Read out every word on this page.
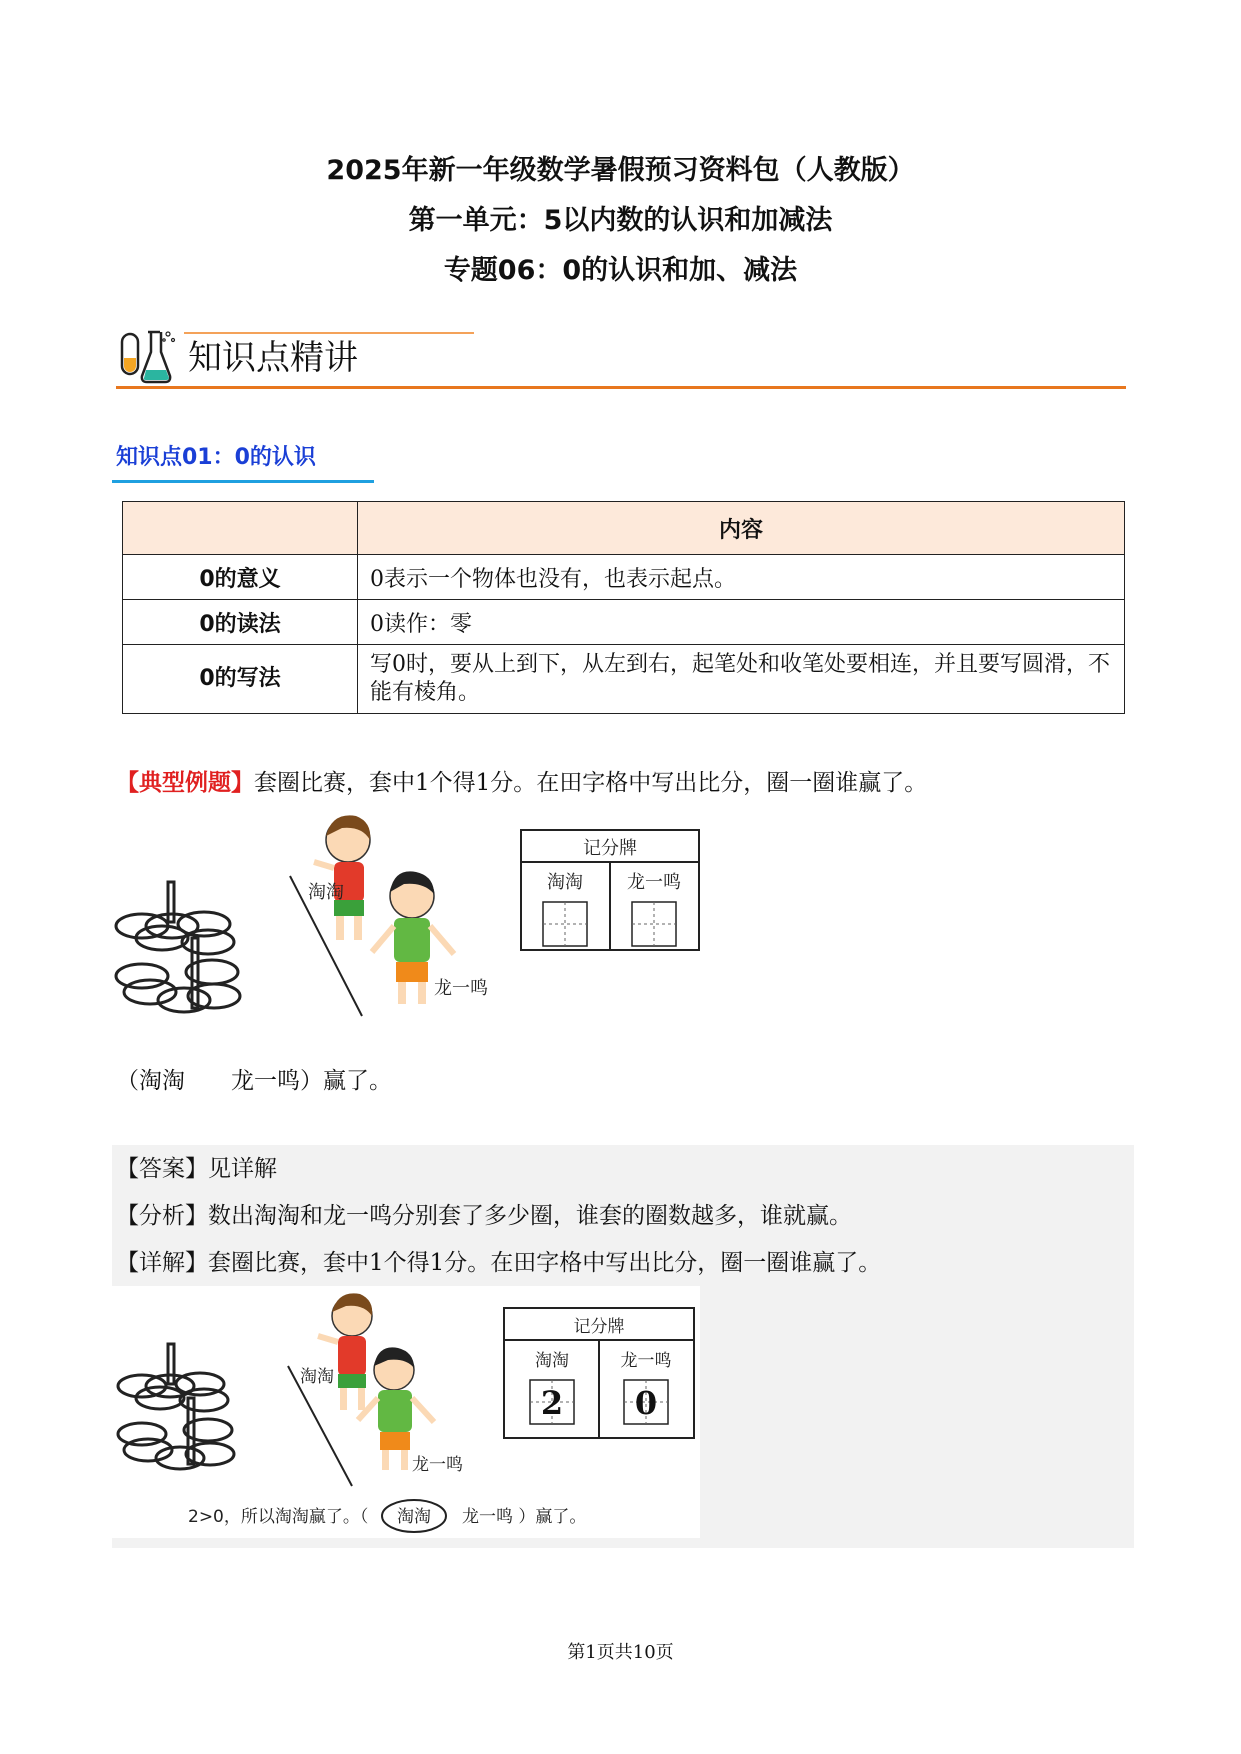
2025年新一年级数学暑假预习资料包（人教版）
第一单元：5以内数的认识和加减法
专题06：0的认识和加、减法
知识点精讲
知识点01：0的认识
	内容
0的意义	0表示一个物体也没有，也表示起点。
0的读法	0读作：零
0的写法	写0时，要从上到下，从左到右，起笔处和收笔处要相连，并且要写圆滑，不能有棱角。
【典型例题】套圈比赛，套中1个得1分。在田字格中写出比分，圈一圈谁赢了。
淘淘
龙一鸣
记分牌
淘淘 龙一鸣
（淘淘　　龙一鸣）赢了。
【答案】见详解
【分析】数出淘淘和龙一鸣分别套了多少圈，谁套的圈数越多，谁就赢。
【详解】套圈比赛，套中1个得1分。在田字格中写出比分，圈一圈谁赢了。
淘淘
龙一鸣
记分牌
淘淘	龙一鸣
2 0
2>0，所以淘淘赢了。（ 淘淘 龙一鸣 ）赢了。
第1页共10页
